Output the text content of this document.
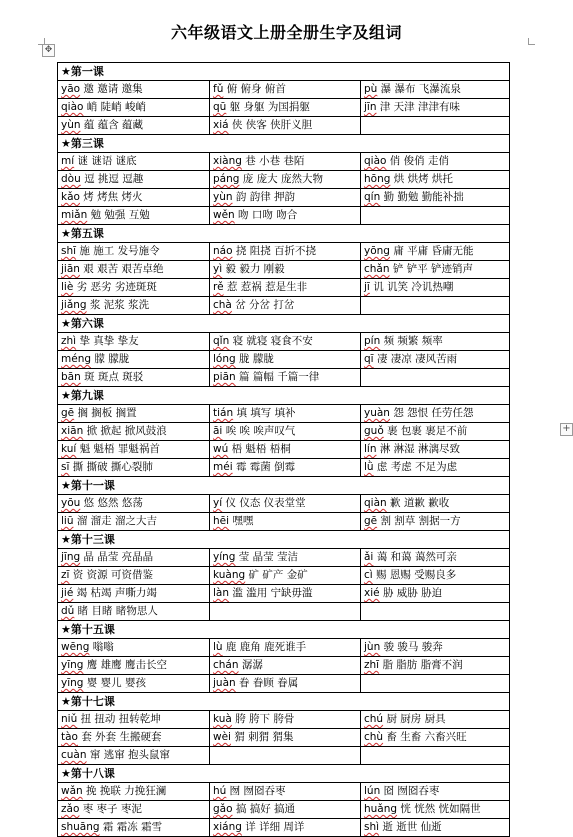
✥
+
六年级语文上册全册生字及组词
★第一课		
yāo 邀 邀请 邀集	fǔ 俯 俯身 俯首	pù 瀑 瀑布 飞瀑流泉
qiào 峭 陡峭 峻峭	qū 躯 身躯 为国捐躯	jīn 津 天津 津津有味
yùn 蕴 蕴含 蕴藏	xiá 侠 侠客 侠肝义胆	
★第三课		
mí 谜 谜语 谜底	xiàng 巷 小巷 巷陌	qiào 俏 俊俏 走俏
dòu 逗 挑逗 逗趣	páng 庞 庞大 庞然大物	hōng 烘 烘烤 烘托
kǎo 烤 烤焦 烤火	yùn 韵 韵律 押韵	qín 勤 勤勉 勤能补拙
miǎn 勉 勉强 互勉	wěn 吻 口吻 吻合	
★第五课		
shī 施 施工 发号施令	náo 挠 阻挠 百折不挠	yōng 庸 平庸 昏庸无能
jiān 艰 艰苦 艰苦卓绝	yì 毅 毅力 刚毅	chǎn 铲 铲平 铲迹销声
liè 劣 恶劣 劣迹斑斑	rě 惹 惹祸 惹是生非	jī 讥 讥笑 冷讥热嘲
jiǎng 浆 泥浆 浆洗	chà 岔 分岔 打岔	
★第六课		
zhì 挚 真挚 挚友	qǐn 寝 就寝 寝食不安	pín 频 频繁 频率
méng 朦 朦胧	lóng 胧 朦胧	qī 凄 凄凉 凄风苦雨
bān 斑 斑点 斑驳	piān 篇 篇幅 千篇一律	
★第九课		
gē 搁 搁板 搁置	tián 填 填写 填补	yuàn 怨 怨恨 任劳任怨
xiān 掀 掀起 掀风鼓浪	āi 唉 唉 唉声叹气	guǒ 裹 包裹 裹足不前
kuí 魁 魁梧 罪魁祸首	wú 梧 魁梧 梧桐	lín 淋 淋湿 淋漓尽致
sī 撕 撕破 撕心裂肺	méi 霉 霉菌 倒霉	lǜ 虑 考虑 不足为虑
★第十一课		
yōu 悠 悠然 悠荡	yí 仪 仪态 仪表堂堂	qiàn 歉 道歉 歉收
liū 溜 溜走 溜之大吉	hēi 嘿嘿	gē 割 割草 割据一方
★第十三课		
jīng 晶 晶莹 亮晶晶	yíng 莹 晶莹 莹洁	ǎi 蔼 和蔼 蔼然可亲
zī 资 资源 可资借鉴	kuàng 矿 矿产 金矿	cì 赐 恩赐 受赐良多
jié 竭 枯竭 声嘶力竭	làn 滥 滥用 宁缺毋滥	xié 胁 威胁 胁迫
dǔ 睹 目睹 睹物思人		
★第十五课		
wēng 嗡嗡	lù 鹿 鹿角 鹿死谁手	jùn 骏 骏马 骏奔
yīng 鹰 雄鹰 鹰击长空	chán 潺潺	zhī 脂 脂肪 脂膏不润
yīng 婴 婴儿 婴孩	juàn 眷 眷顾 眷属	
★第十七课		
niǔ 扭 扭动 扭转乾坤	kuà 胯 胯下 胯骨	chú 厨 厨房 厨具
tào 套 外套 生搬硬套	wèi 猬 刺猬 猬集	chù 畜 生畜 六畜兴旺
cuàn 窜 逃窜 抱头鼠窜		
★第十八课		
wǎn 挽 挽联 力挽狂澜	hú 囫 囫囵吞枣	lún 囵 囫囵吞枣
zǎo 枣 枣子 枣泥	gǎo 搞 搞好 搞通	huǎng 恍 恍然 恍如隔世
shuāng 霜 霜冻 霜雪	xiáng 详 详细 周详	shì 逝 逝世 仙逝
